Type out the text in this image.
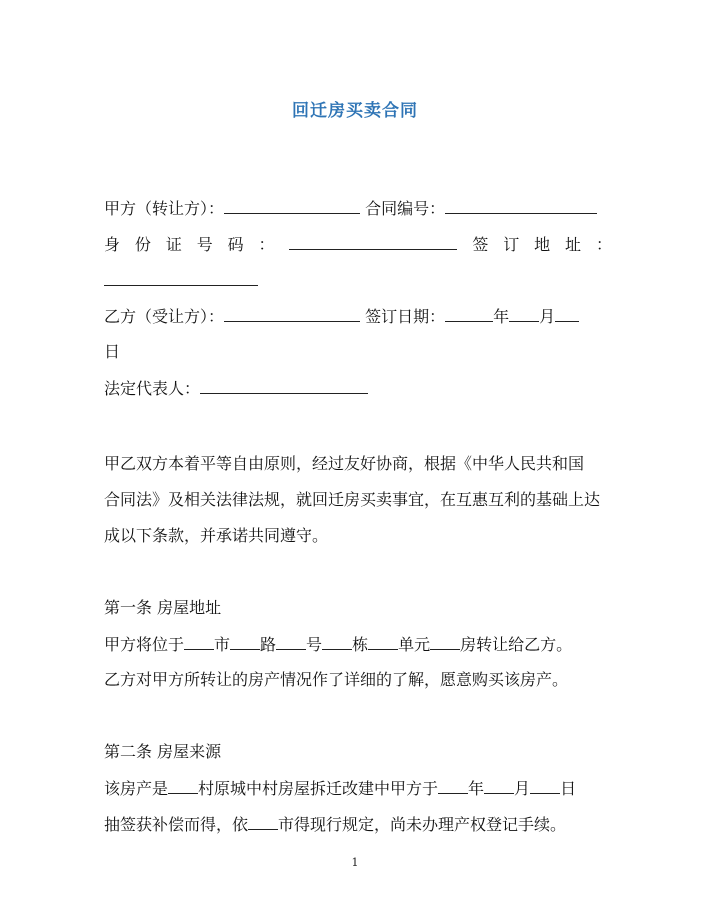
回迁房买卖合同
甲方（转让方）：	合同编号：
身 份 证 号 码 ：	签 订 地 址 ：
乙方（受让方）：	签订日期：	年 月
日
法定代表人：
甲乙双方本着平等自由原则，经过友好协商，根据《中华人民共和国
合同法》及相关法律法规，就回迁房买卖事宜，在互惠互利的基础上达
成以下条款，并承诺共同遵守。
第一条 房屋地址
甲方将位于 市 路 号 栋 单元 房转让给乙方。
乙方对甲方所转让的房产情况作了详细的了解，愿意购买该房产。
第二条 房屋来源
该房产是 村原城中村房屋拆迁改建中甲方于 年 月 日
抽签获补偿而得，依 市得现行规定，尚未办理产权登记手续。
1
